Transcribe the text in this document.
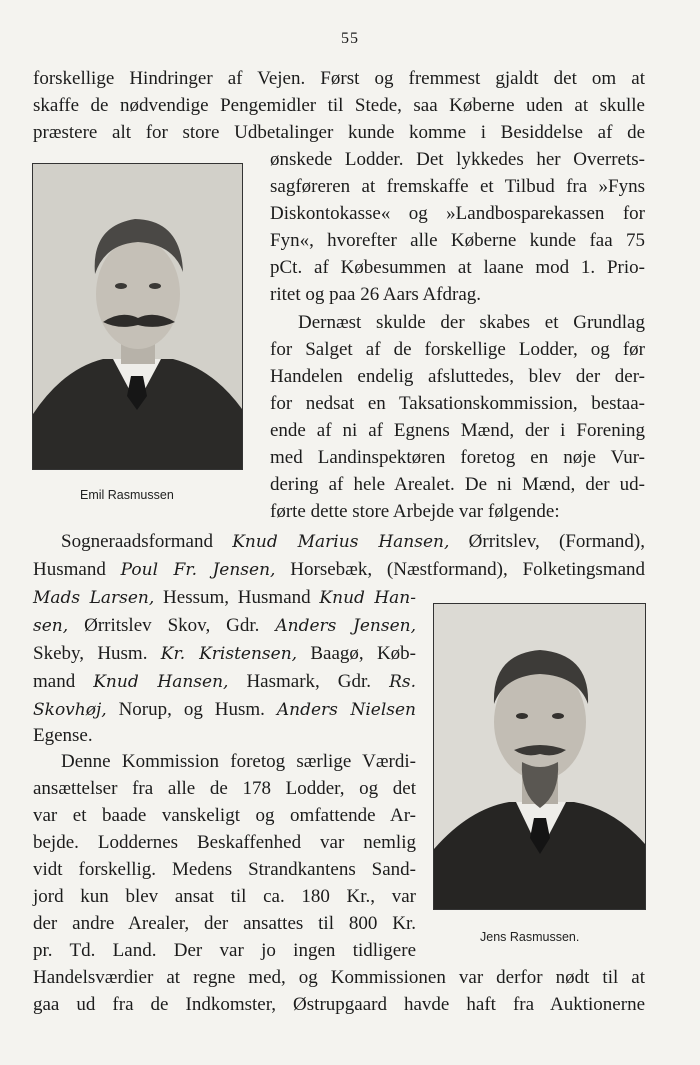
55
forskellige Hindringer af Vejen. Først og fremmest gjaldt det om at
skaffe de nødvendige Pengemidler til Stede, saa Køberne uden at skulle
præstere alt for store Udbetalinger kunde komme i Besiddelse af de
Emil Rasmussen
ønskede Lodder. Det lykkedes her Overrets-
sagføreren at fremskaffe et Tilbud fra »Fyns
Diskontokasse« og »Landbosparekassen for
Fyn«, hvorefter alle Køberne kunde faa 75
pCt. af Købesummen at laane mod 1. Prio-
ritet og paa 26 Aars Afdrag.
Dernæst skulde der skabes et Grundlag
for Salget af de forskellige Lodder, og før
Handelen endelig afsluttedes, blev der der-
for nedsat en Taksationskommission, bestaa-
ende af ni af Egnens Mænd, der i Forening
med Landinspektøren foretog en nøje Vur-
dering af hele Arealet. De ni Mænd, der ud-
førte dette store Arbejde var følgende:
Sogneraadsformand Knud Marius Hansen, Ørritslev, (Formand),
Husmand Poul Fr. Jensen, Horsebæk, (Næstformand), Folketingsmand
Mads Larsen, Hessum, Husmand Knud Han-
sen, Ørritslev Skov, Gdr. Anders Jensen,
Skeby, Husm. Kr. Kristensen, Baagø, Køb-
mand Knud Hansen, Hasmark, Gdr. Rs.
Skovhøj, Norup, og Husm. Anders Nielsen
Egense.
Jens Rasmussen.
Denne Kommission foretog særlige Værdi-
ansættelser fra alle de 178 Lodder, og det
var et baade vanskeligt og omfattende Ar-
bejde. Loddernes Beskaffenhed var nemlig
vidt forskellig. Medens Strandkantens Sand-
jord kun blev ansat til ca. 180 Kr., var
der andre Arealer, der ansattes til 800 Kr.
pr. Td. Land. Der var jo ingen tidligere
Handelsværdier at regne med, og Kommissionen var derfor nødt til at
gaa ud fra de Indkomster, Østrupgaard havde haft fra Auktionerne
